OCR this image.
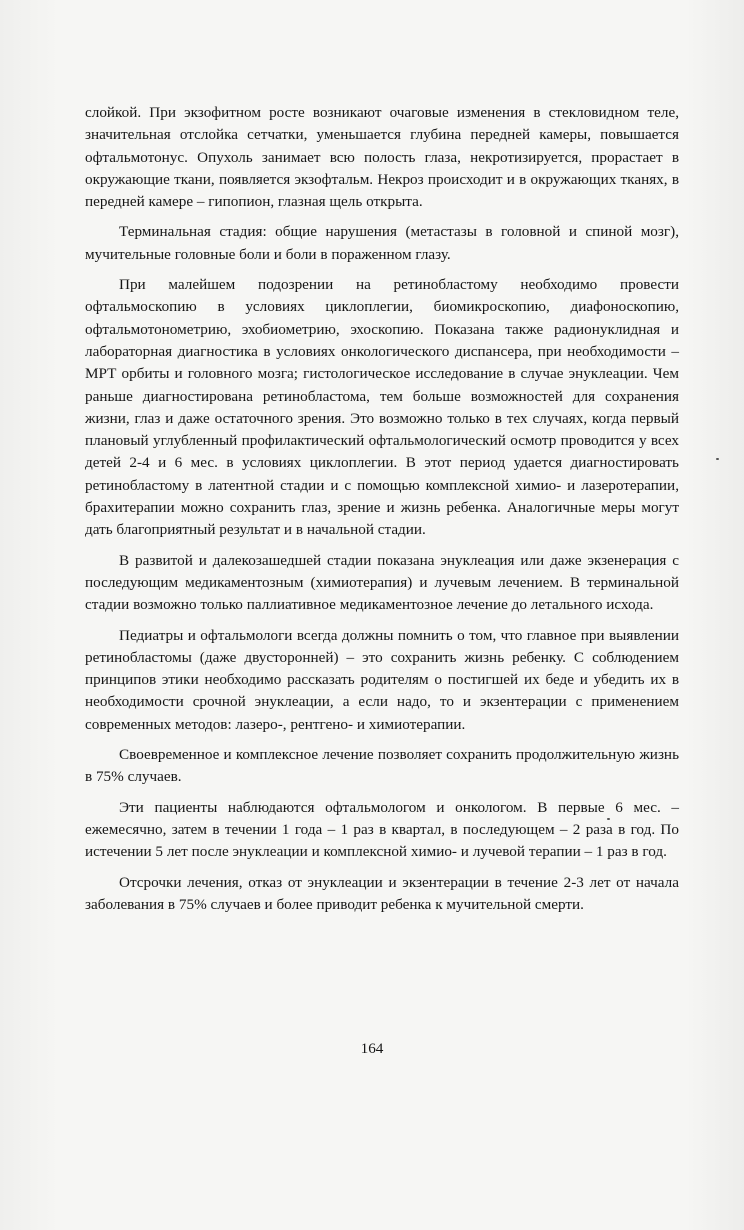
слойкой. При экзофитном росте возникают очаговые изменения в стекловидном теле, значительная отслойка сетчатки, уменьшается глубина передней камеры, повышается офтальмотонус. Опухоль занимает всю полость глаза, некротизируется, прорастает в окружающие ткани, появляется экзофтальм. Некроз происходит и в окружающих тканях, в передней камере – гипопион, глазная щель открыта.

Терминальная стадия: общие нарушения (метастазы в головной и спиной мозг), мучительные головные боли и боли в пораженном глазу.

При малейшем подозрении на ретинобластому необходимо провести офтальмоскопию в условиях циклоплегии, биомикроскопию, диафоноскопию, офтальмотонометрию, эхобиометрию, эхоскопию. Показана также радионуклидная и лабораторная диагностика в условиях онкологического диспансера, при необходимости – МРТ орбиты и головного мозга; гистологическое исследование в случае энуклеации. Чем раньше диагностирована ретинобластома, тем больше возможностей для сохранения жизни, глаз и даже остаточного зрения. Это возможно только в тех случаях, когда первый плановый углубленный профилактический офтальмологический осмотр проводится у всех детей 2-4 и 6 мес. в условиях циклоплегии. В этот период удается диагностировать ретинобластому в латентной стадии и с помощью комплексной химио- и лазеротерапии, брахитерапии можно сохранить глаз, зрение и жизнь ребенка. Аналогичные меры могут дать благоприятный результат и в начальной стадии.

В развитой и далекозашедшей стадии показана энуклеация или даже экзенерация с последующим медикаментозным (химиотерапия) и лучевым лечением. В терминальной стадии возможно только паллиативное медикаментозное лечение до летального исхода.

Педиатры и офтальмологи всегда должны помнить о том, что главное при выявлении ретинобластомы (даже двусторонней) – это сохранить жизнь ребенку. С соблюдением принципов этики необходимо рассказать родителям о постигшей их беде и убедить их в необходимости срочной энуклеации, а если надо, то и экзентерации с применением современных методов: лазеро-, рентгено- и химиотерапии.

Своевременное и комплексное лечение позволяет сохранить продолжительную жизнь в 75% случаев.

Эти пациенты наблюдаются офтальмологом и онкологом. В первые 6 мес. – ежемесячно, затем в течении 1 года – 1 раз в квартал, в последующем – 2 раза в год. По истечении 5 лет после энуклеации и комплексной химио- и лучевой терапии – 1 раз в год.

Отсрочки лечения, отказ от энуклеации и экзентерации в течение 2-3 лет от начала заболевания в 75% случаев и более приводит ребенка к мучительной смерти.

164
